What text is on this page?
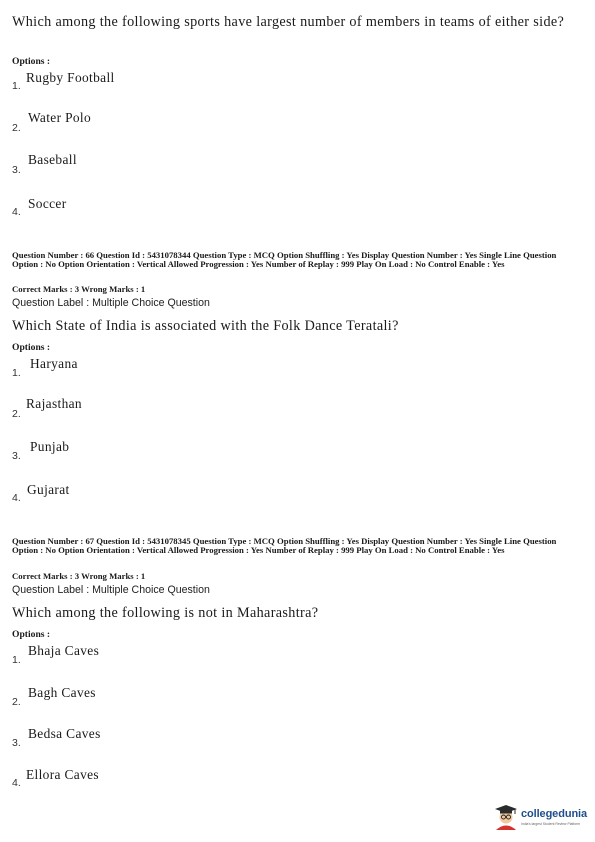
Which among the following sports have largest number of members in teams of either side?
Options :
1.
Rugby Football
2.
Water Polo
3.
Baseball
4.
Soccer
Question Number : 66 Question Id : 5431078344 Question Type : MCQ Option Shuffling : Yes Display Question Number : Yes Single Line Question Option : No Option Orientation : Vertical Allowed Progression : Yes Number of Replay : 999 Play On Load : No Control Enable : Yes
Correct Marks : 3 Wrong Marks : 1
Question Label : Multiple Choice Question
Which State of India is associated with the Folk Dance Teratali?
Options :
1.
Haryana
2.
Rajasthan
3.
Punjab
4.
Gujarat
Question Number : 67 Question Id : 5431078345 Question Type : MCQ Option Shuffling : Yes Display Question Number : Yes Single Line Question Option : No Option Orientation : Vertical Allowed Progression : Yes Number of Replay : 999 Play On Load : No Control Enable : Yes
Correct Marks : 3 Wrong Marks : 1
Question Label : Multiple Choice Question
Which among the following is not in Maharashtra?
Options :
1.
Bhaja Caves
2.
Bagh Caves
3.
Bedsa Caves
4.
Ellora Caves
collegedunia
India's largest Student Review Platform
